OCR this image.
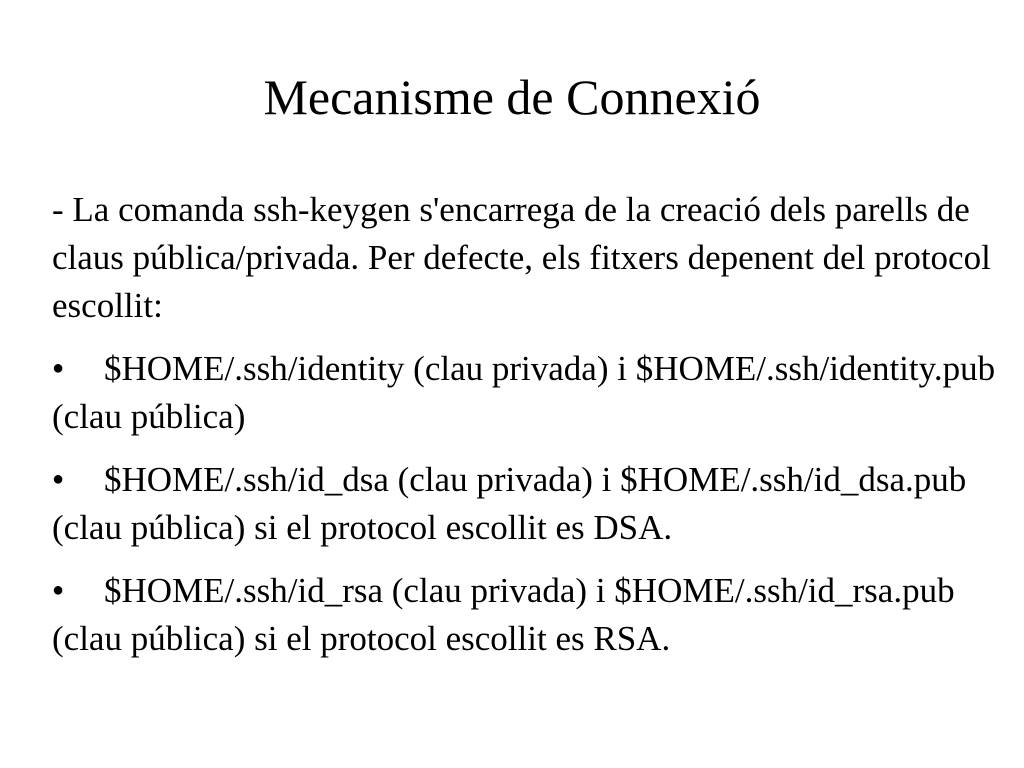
Mecanisme de Connexió

- La comanda ssh-keygen s'encarrega de la creació dels parells de claus pública/privada. Per defecte, els fitxers depenent del protocol escollit:

● $HOME/.ssh/identity (clau privada) i $HOME/.ssh/identity.pub (clau pública)
● $HOME/.ssh/id_dsa (clau privada) i $HOME/.ssh/id_dsa.pub (clau pública) si el protocol escollit es DSA.
● $HOME/.ssh/id_rsa (clau privada) i $HOME/.ssh/id_rsa.pub (clau pública) si el protocol escollit es RSA.
